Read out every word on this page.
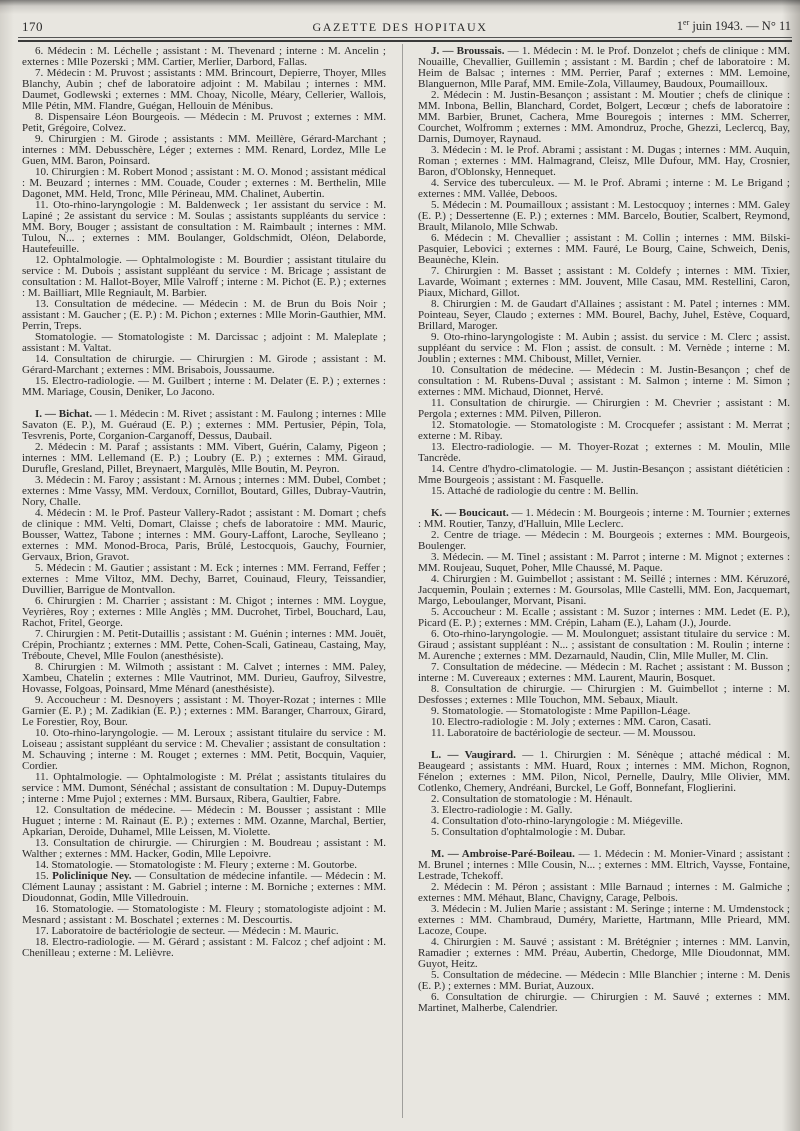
170	GAZETTE DES HOPITAUX	1er juin 1943. — N° 11

6. Médecin : M. Léchelle ; assistant : M. Thevenard ; interne : M. Ancelin ; externes : Mlle Pozerski ; MM. Cartier, Merlier, Darbord, Fallas.

7. Médecin : M. Pruvost ; assistants : MM. Brincourt, Depierre, Thoyer, Mlles Blanchy, Aubin ; chef de laboratoire adjoint : M. Mabilau ; internes : MM. Daumet, Godlewski ; externes : MM. Choay, Nicolle, Méary, Cellerier, Wallois, Mlle Pétin, MM. Flandre, Guégan, Hellouin de Ménibus.

8. Dispensaire Léon Bourgeois. — Médecin : M. Pruvost ; externes : MM. Petit, Grégoire, Colvez.

9. Chirurgien : M. Girode ; assistants : MM. Meillère, Gérard-Marchant ; internes : MM. Debusschère, Léger ; externes : MM. Renard, Lordez, Mlle Le Guen, MM. Baron, Poinsard.

10. Chirurgien : M. Robert Monod ; assistant : M. O. Monod ; assistant médical : M. Beuzard ; internes : MM. Couade, Couder ; externes : M. Berthelin, Mlle Dagonet, MM. Held, Tronc, Mlle Périneau, MM. Chalinet, Aubertin.

11. Oto-rhino-laryngologie : M. Baldenweck ; 1er assistant du service : M. Lapiné ; 2e assistant du service : M. Soulas ; assistants suppléants du service : MM. Bory, Bouger ; assistant de consultation : M. Raimbault ; internes : MM. Tulou, N... ; externes : MM. Boulanger, Goldschmidt, Oléon, Delaborde, Hautefeuille.

12. Ophtalmologie. — Ophtalmologiste : M. Bourdier ; assistant titulaire du service : M. Dubois ; assistant suppléant du service : M. Bricage ; assistant de consultation : M. Hallot-Boyer, Mlle Valroff ; interne : M. Pichot (E. P.) ; externes : M. Bailliart, Mlle Regniault, M. Barbier.

13. Consultation de médecine. — Médecin : M. de Brun du Bois Noir ; assistant : M. Gaucher ; (E. P.) : M. Pichon ; externes : Mlle Morin-Gauthier, MM. Perrin, Treps.

Stomatologie. — Stomatologiste : M. Darcissac ; adjoint : M. Maleplate ; assistant : M. Valtat.

14. Consultation de chirurgie. — Chirurgien : M. Girode ; assistant : M. Gérard-Marchant ; externes : MM. Brisabois, Joussaume.

15. Electro-radiologie. — M. Guilbert ; interne : M. Delater (E. P.) ; externes : MM. Mariage, Cousin, Deniker, Lo Jacono.

I. — Bichat. — 1. Médecin : M. Rivet ; assistant : M. Faulong ; internes : Mlle Savaton (E. P.), M. Guéraud (E. P.) ; externes : MM. Pertusier, Pépin, Tola, Tesvrenis, Porte, Corganion-Carganoff, Dessus, Daubail.

2. Médecin : M. Paraf ; assistants : MM. Vibert, Guérin, Calamy, Pigeon ; internes : MM. Lellemand (E. P.) ; Loubry (E. P.) ; externes : MM. Giraud, Durufle, Gresland, Pillet, Breynaert, Margulès, Mlle Boutin, M. Peyron.

3. Médecin : M. Faroy ; assistant : M. Arnous ; internes : MM. Dubel, Combet ; externes : Mme Vassy, MM. Verdoux, Cornillot, Boutard, Gilles, Dubray-Vautrin, Nory, Challe.

4. Médecin : M. le Prof. Pasteur Vallery-Radot ; assistant : M. Domart ; chefs de clinique : MM. Velti, Domart, Claisse ; chefs de laboratoire : MM. Mauric, Bousser, Wattez, Tabone ; internes : MM. Goury-Laffont, Laroche, Seylleano ; externes : MM. Monod-Broca, Paris, Brûlé, Lestocquois, Gauchy, Fournier, Gervaux, Brion, Gravot.

5. Médecin : M. Gautier ; assistant : M. Eck ; internes : MM. Ferrand, Feffer ; externes : Mme Viltoz, MM. Dechy, Barret, Couinaud, Fleury, Teissandier, Duvillier, Barrigue de Montvallon.

6. Chirurgien : M. Charrier ; assistant : M. Chigot ; internes : MM. Loygue, Veyrières, Roy ; externes : Mlle Anglès ; MM. Ducrohet, Tirbel, Bouchard, Lau, Rachot, Fritel, George.

7. Chirurgien : M. Petit-Dutaillis ; assistant : M. Guénin ; internes : MM. Jouët, Crépin, Prochiantz ; externes : MM. Pette, Cohen-Scali, Gatineau, Castaing, May, Tréboute, Chevel, Mlle Foulon (anesthésiste).

8. Chirurgien : M. Wilmoth ; assistant : M. Calvet ; internes : MM. Paley, Xambeu, Chatelin ; externes : Mlle Vautrinot, MM. Durieu, Gaufroy, Silvestre, Hovasse, Folgoas, Poinsard, Mme Ménard (anesthésiste).

9. Accoucheur : M. Desnoyers ; assistant : M. Thoyer-Rozat ; internes : Mlle Garnier (E. P.) ; M. Zadikian (E. P.) ; externes : MM. Baranger, Charroux, Girard, Le Forestier, Roy, Bour.

10. Oto-rhino-laryngologie. — M. Leroux ; assistant titulaire du service : M. Loiseau ; assistant suppléant du service : M. Chevalier ; assistant de consultation : M. Schauving ; interne : M. Rouget ; externes : MM. Petit, Bocquin, Vaquier, Cordier.

11. Ophtalmologie. — Ophtalmologiste : M. Prélat ; assistants titulaires du service : MM. Dumont, Sénéchal ; assistant de consultation : M. Dupuy-Dutemps ; interne : Mme Pujol ; externes : MM. Bursaux, Ribera, Gaultier, Fabre.

12. Consultation de médecine. — Médecin : M. Bousser ; assistant : Mlle Huguet ; interne : M. Rainaut (E. P.) ; externes : MM. Ozanne, Marchal, Bertier, Apkarian, Deroide, Duhamel, Mlle Leissen, M. Violette.

13. Consultation de chirurgie. — Chirurgien : M. Boudreau ; assistant : M. Walther ; externes : MM. Hacker, Godin, Mlle Lepoivre.

14. Stomatologie. — Stomatologiste : M. Fleury ; externe : M. Goutorbe.

15. Policlinique Ney. — Consultation de médecine infantile. — Médecin : M. Clément Launay ; assistant : M. Gabriel ; interne : M. Borniche ; externes : MM. Dioudonnat, Godin, Mlle Villedrouin.

16. Stomatologie. — Stomatologiste : M. Fleury ; stomatologiste adjoint : M. Mesnard ; assistant : M. Boschatel ; externes : M. Descourtis.

17. Laboratoire de bactériologie de secteur. — Médecin : M. Mauric.

18. Electro-radiologie. — M. Gérard ; assistant : M. Falcoz ; chef adjoint : M. Chenilleau ; externe : M. Lelièvre.

J. — Broussais. — 1. Médecin : M. le Prof. Donzelot ; chefs de clinique : MM. Nouaille, Chevallier, Guillemin ; assistant : M. Bardin ; chef de laboratoire : M. Heim de Balsac ; internes : MM. Perrier, Paraf ; externes : MM. Lemoine, Blanguernon, Mlle Paraf, MM. Emile-Zola, Villaumey, Baudoux, Poumailloux.

2. Médecin : M. Justin-Besançon ; assistant : M. Moutier ; chefs de clinique : MM. Inbona, Bellin, Blanchard, Cordet, Bolgert, Lecœur ; chefs de laboratoire : MM. Barbier, Brunet, Cachera, Mme Bouregois ; internes : MM. Scherrer, Courchet, Wolfromm ; externes : MM. Amondruz, Proche, Ghezzi, Leclercq, Bay, Darnis, Dumoyer, Raynaud.

3. Médecin : M. le Prof. Abrami ; assistant : M. Dugas ; internes : MM. Auquin, Roman ; externes : MM. Halmagrand, Cleisz, Mlle Dufour, MM. Hay, Crosnier, Baron, d'Oblonsky, Hennequet.

4. Service des tuberculeux. — M. le Prof. Abrami ; interne : M. Le Brigand ; externes : MM. Vallée, Deboos.

5. Médecin : M. Poumailloux ; assistant : M. Lestocquoy ; internes : MM. Galey (E. P.) ; Dessertenne (E. P.) ; externes : MM. Barcelo, Boutier, Scalbert, Reymond, Brault, Milanolo, Mlle Schwab.

6. Médecin : M. Chevallier ; assistant : M. Collin ; internes : MM. Bilski-Pasquier, Lebovici ; externes : MM. Fauré, Le Bourg, Caine, Schweich, Denis, Beaunèche, Klein.

7. Chirurgien : M. Basset ; assistant : M. Coldefy ; internes : MM. Tixier, Lavarde, Woimant ; externes : MM. Jouvent, Mlle Casau, MM. Restellini, Caron, Piaux, Michard, Gillot.

8. Chirurgien : M. de Gaudart d'Allaines ; assistant : M. Patel ; internes : MM. Pointeau, Seyer, Claudo ; externes : MM. Bourel, Bachy, Juhel, Estève, Coquard, Brillard, Maroger.

9. Oto-rhino-laryngologiste : M. Aubin ; assist. du service : M. Clerc ; assist. suppléant du service : M. Flon ; assist. de consult. : M. Vernède ; interne : M. Joublin ; externes : MM. Chiboust, Millet, Vernier.

10. Consultation de médecine. — Médecin : M. Justin-Besançon ; chef de consultation : M. Rubens-Duval ; assistant : M. Salmon ; interne : M. Simon ; externes : MM. Michaud, Dionnet, Hervé.

11. Consultation de chirurgie. — Chirurgien : M. Chevrier ; assistant : M. Pergola ; externes : MM. Pilven, Pilleron.

12. Stomatologie. — Stomatologiste : M. Crocquefer ; assistant : M. Merrat ; externe : M. Ribay.

13. Electro-radiologie. — M. Thoyer-Rozat ; externes : M. Moulin, Mlle Tancrède.

14. Centre d'hydro-climatologie. — M. Justin-Besançon ; assistant diététicien : Mme Bourgeois ; assistant : M. Fasquelle.

15. Attaché de radiologie du centre : M. Bellin.

K. — Boucicaut. — 1. Médecin : M. Bourgeois ; interne : M. Tournier ; externes : MM. Routier, Tanzy, d'Halluin, Mlle Leclerc.

2. Centre de triage. — Médecin : M. Bourgeois ; externes : MM. Bourgeois, Boulenger.

3. Médecin. — M. Tinel ; assistant : M. Parrot ; interne : M. Mignot ; externes : MM. Roujeau, Suquet, Poher, Mlle Chaussé, M. Paque.

4. Chirurgien : M. Guimbellot ; assistant : M. Seillé ; internes : MM. Kéruzoré, Jacquemin, Poulain ; externes : M. Goursolas, Mlle Castelli, MM. Eon, Jacquemart, Margo, Leboulanger, Morvant, Pisani.

5. Accoucheur : M. Ecalle ; assistant : M. Suzor ; internes : MM. Ledet (E. P.), Picard (E. P.) ; externes : MM. Crépin, Laham (E.), Laham (J.), Jourde.

6. Oto-rhino-laryngologie. — M. Moulonguet; assistant titulaire du service : M. Giraud ; assistant suppléant : N... ; assistant de consultation : M. Roulin ; interne : M. Aurenche ; externes : MM. Dezarnauld, Naudin, Clin, Mlle Muller, M. Clin.

7. Consultation de médecine. — Médecin : M. Rachet ; assistant : M. Busson ; interne : M. Cuvereaux ; externes : MM. Laurent, Maurin, Bosquet.

8. Consultation de chirurgie. — Chirurgien : M. Guimbellot ; interne : M. Desfosses ; externes : Mlle Touchon, MM. Sebaux, Miault.

9. Stomatologie. — Stomatologiste : Mme Papillon-Léage.

10. Electro-radiologie : M. Joly ; externes : MM. Caron, Casati.

11. Laboratoire de bactériologie de secteur. — M. Moussou.

L. — Vaugirard. — 1. Chirurgien : M. Sénèque ; attaché médical : M. Beaugeard ; assistants : MM. Huard, Roux ; internes : MM. Michon, Rognon, Fénelon ; externes : MM. Pilon, Nicol, Pernelle, Daulry, Mlle Olivier, MM. Cotlenko, Chemery, Andréani, Burckel, Le Goff, Bonnefant, Floglierini.

2. Consultation de stomatologie : M. Hénault.

3. Electro-radiologie : M. Gally.

4. Consultation d'oto-rhino-laryngologie : M. Miégeville.

5. Consultation d'ophtalmologie : M. Dubar.

M. — Ambroise-Paré-Boileau. — 1. Médecin : M. Monier-Vinard ; assistant : M. Brunel ; internes : Mlle Cousin, N... ; externes : MM. Eltrich, Vaysse, Fontaine, Lestrade, Tchekoff.

2. Médecin : M. Péron ; assistant : Mlle Barnaud ; internes : M. Galmiche ; externes : MM. Méhaut, Blanc, Chavigny, Carage, Pelbois.

3. Médecin : M. Julien Marie ; assistant : M. Seringe ; interne : M. Umdenstock ; externes : MM. Chambraud, Duméry, Mariette, Hartmann, Mlle Prieard, MM. Lacoze, Coupe.

4. Chirurgien : M. Sauvé ; assistant : M. Brétégnier ; internes : MM. Lanvin, Ramadier ; externes : MM. Préau, Aubertin, Chedorge, Mlle Dioudonnat, MM. Guyot, Heitz.

5. Consultation de médecine. — Médecin : Mlle Blanchier ; interne : M. Denis (E. P.) ; externes : MM. Buriat, Auzoux.

6. Consultation de chirurgie. — Chirurgien : M. Sauvé ; externes : MM. Martinet, Malherbe, Calendrier.
